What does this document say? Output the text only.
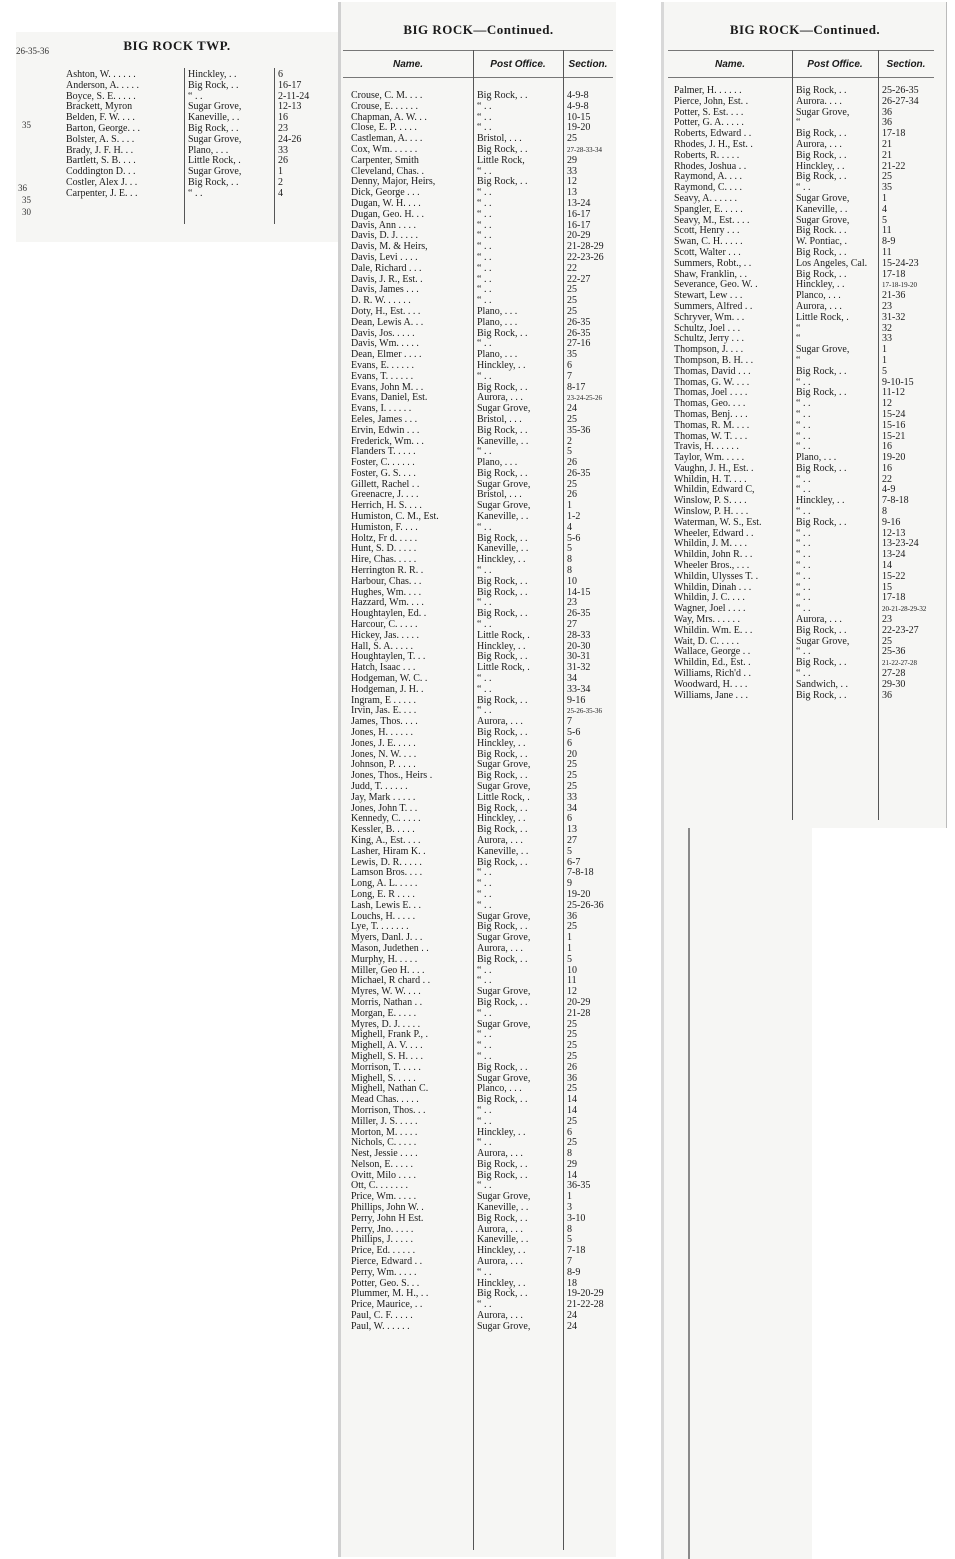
26-35-36
35
36
35
30
BIG ROCK TWP.
Ashton, W. . . . . .	Hinckley, . .	6
Anderson, A. . . . .	Big Rock, . .	16-17
Boyce, S. E. . . . .	“ . .	2-11-24
Brackett, Myron	Sugar Grove,	12-13
Belden, F. W. . . .	Kaneville, . .	16
Barton, George. . .	Big Rock, . .	23
Bolster, A. S. . . .	Sugar Grove,	24-26
Brady, J. F. H. . .	Plano, . . .	33
Bartlett, S. B. . . .	Little Rock, .	26
Coddington D. . .	Sugar Grove,	1
Costler, Alex J. . .	Big Rock, . .	2
Carpenter, J. E. . .	“ . .	4
BIG ROCK—Continued.
Name.	Post Office.	Section.
Crouse, C. M. . . .	Big Rock, . .	4-9-8
Crouse, E. . . . . .	“ . .	4-9-8
Chapman, A. W. . .	“ . .	10-15
Close, E. P. . . . .	“ . .	19-20
Castleman, A. . . .	Bristol, . . .	25
Cox, Wm. . . . . .	Big Rock, . .	27-28-33-34
Carpenter, Smith	Little Rock,	29
Cleveland, Chas. .	“ . .	33
Denny, Major, Heirs,	Big Rock, . .	12
Dick, George . . .	“ . .	13
Dugan, W. H. . . .	“ . .	13-24
Dugan, Geo. H. . .	“ . .	16-17
Davis, Ann . . . .	“ . .	16-17
Davis, D. J. . . . .	“ . .	20-29
Davis, M. & Heirs,	“ . .	21-28-29
Davis, Levi . . . .	“ . .	22-23-26
Dale, Richard . . .	“ . .	22
Davis, J. R., Est. .	“ . .	22-27
Davis, James . . .	“ . .	25
D. R. W. . . . . .	“ . .	25
Doty, H., Est. . . .	Plano, . . .	25
Dean, Lewis A. . .	Plano, . . .	26-35
Davis, Jos. . . . .	Big Rock, . .	26-35
Davis, Wm. . . . .	“ . .	27-16
Dean, Elmer . . . .	Plano, . . .	35
Evans, E. . . . . .	Hinckley, . .	6
Evans, T. . . . . .	“ . .	7
Evans, John M. . .	Big Rock, . .	8-17
Evans, Daniel, Est.	Aurora, . . .	23-24-25-26
Evans, I. . . . . .	Sugar Grove,	24
Eeles, James . . .	Bristol, . . .	25
Ervin, Edwin . . .	Big Rock, . .	35-36
Frederick, Wm. . .	Kaneville, . .	2
Flanders T. . . . .	“ . .	5
Foster, C. . . . . .	Plano, . . .	26
Foster, G. S. . . .	Big Rock, . .	26-35
Gillett, Rachel . .	Sugar Grove,	25
Greenacre, J. . . .	Bristol, . . .	26
Herrich, H. S. . . .	Sugar Grove,	1
Humiston, C. M., Est.	Kaneville, . .	1-2
Humiston, F. . . .	“ . .	4
Holtz, Fr d. . . . .	Big Rock, . .	5-6
Hunt, S. D. . . . .	Kaneville, . .	5
Hire, Chas. . . . .	Hinckley, . .	8
Herrington R. R. .	“ . .	8
Harbour, Chas. . .	Big Rock, . .	10
Hughes, Wm. . . .	Big Rock, . .	14-15
Hazzard, Wm. . . .	“ . .	23
Houghtaylen, Ed. .	Big Rock, . .	26-35
Harcour, C. . . . .	“ . .	27
Hickey, Jas. . . . .	Little Rock, .	28-33
Hall, S. A. . . . .	Hinckley, . .	20-30
Houghtaylen, T. . .	Big Rock, . .	30-31
Hatch, Isaac . . .	Little Rock, .	31-32
Hodgeman, W. C. .	“ . .	34
Hodgeman, J. H. .	“ . .	33-34
Ingram, E . . . . .	Big Rock, . .	9-16
Irvin, Jas. E. . . .	“ . .	25-26-35-36
James, Thos. . . .	Aurora, . . .	7
Jones, H. . . . . .	Big Rock, . .	5-6
Jones, J. E. . . . .	Hinckley, . .	6
Jones, N. W. . . .	Big Rock, . .	20
Johnson, P. . . . .	Sugar Grove,	25
Jones, Thos., Heirs .	Big Rock, . .	25
Judd, T. . . . . .	Sugar Grove,	25
Jay, Mark . . . . .	Little Rock, .	33
Jones, John T. . .	Big Rock, . .	34
Kennedy, C. . . . .	Hinckley, . .	6
Kessler, B. . . . .	Big Rock, . .	13
King, A., Est. . . .	Aurora, . . .	27
Lasher, Hiram K. .	Kaneville, . .	5
Lewis, D. R. . . . .	Big Rock, . .	6-7
Lamson Bros. . . .	“ . .	7-8-18
Long, A. L. . . . .	“ . .	9
Long, E. R . . . .	“ . .	19-20
Lash, Lewis E. . .	“ . .	25-26-36
Louchs, H. . . . .	Sugar Grove,	36
Lye, T. . . . . . .	Big Rock, . .	25
Myers, Danl. J. . .	Sugar Grove,	1
Mason, Judethen . .	Aurora, . . .	1
Murphy, H. . . . .	Big Rock, . .	5
Miller, Geo H. . . .	“ . .	10
Michael, R chard . .	“ . .	11
Myres, W. W. . . .	Sugar Grove,	12
Morris, Nathan . .	Big Rock, . .	20-29
Morgan, E. . . . .	“ . .	21-28
Myres, D. J. . . . .	Sugar Grove,	25
Mighell, Frank P., .	“ . .	25
Mighell, A. V. . . .	“ . .	25
Mighell, S. H. . . .	“ . .	25
Morrison, T. . . . .	Big Rock, . .	26
Mighell, S. . . . .	Sugar Grove,	36
Mighell, Nathan C.	Planco, . . .	25
Mead Chas. . . . .	Big Rock, . .	14
Morrison, Thos. . .	“ . .	14
Miller, J. S. . . . .	“ . .	25
Morton, M. . . . .	Hinckley, . .	6
Nichols, C. . . . .	“ . .	25
Nest, Jessie . . . .	Aurora, . . .	8
Nelson, E. . . . .	Big Rock, . .	29
Ovitt, Milo . . . .	Big Rock, . .	14
Ott, C. . . . . . .	“ . .	36-35
Price, Wm. . . . .	Sugar Grove,	1
Phillips, John W. .	Kaneville, . .	3
Perry, John H Est.	Big Rock, . .	3-10
Perry, Jno. . . . .	Aurora, . . .	8
Phillips, J. . . . .	Kaneville, . .	5
Price, Ed. . . . . .	Hinckley, . .	7-18
Pierce, Edward . .	Aurora, . . .	7
Perry, Wm. . . . .	“ . .	8-9
Potter, Geo. S. . .	Hinckley, . .	18
Plummer, M. H., . .	Big Rock, . .	19-20-29
Price, Maurice, . .	“ . .	21-22-28
Paul, C. F. . . . .	Aurora, . . .	24
Paul, W. . . . . .	Sugar Grove,	24
BIG ROCK—Continued.
Name.	Post Office.	Section.
Palmer, H. . . . . .	Big Rock, . .	25-26-35
Pierce, John, Est. .	Aurora. . . .	26-27-34
Potter, S. Est. . . .	Sugar Grove,	36
Potter, G. A. . . . .	“	36
Roberts, Edward . .	Big Rock, . .	17-18
Rhodes, J. H., Est. .	Aurora, . . .	21
Roberts, R. . . . .	Big Rock, . .	21
Rhodes, Joshua . .	Hinckley, . .	21-22
Raymond, A. . . .	Big Rock, . .	25
Raymond, C. . . .	“ . .	35
Seavy, A. . . . . .	Sugar Grove,	1
Spangler, E. . . . .	Kaneville, . .	4
Seavy, M., Est. . . .	Sugar Grove,	5
Scott, Henry . . .	Big Rock. . .	11
Swan, C. H. . . . .	W. Pontiac, .	8-9
Scott, Walter . . .	Big Rock, . .	11
Summers, Robt., . .	Los Angeles, Cal.	15-24-23
Shaw, Franklin, . .	Big Rock, . .	17-18
Severance, Geo. W. .	Hinckley, . .	17-18-19-20
Stewart, Lew . . .	Planco, . . .	21-36
Summers, Alfred . .	Aurora, . . .	23
Schryver, Wm. . .	Little Rock, .	31-32
Schultz, Joel . . .	“	32
Schultz, Jerry . . .	“	33
Thompson, J. . . .	Sugar Grove,	1
Thompson, B. H. . .	“	1
Thomas, David . . .	Big Rock, . .	5
Thomas, G. W. . . .	“ . .	9-10-15
Thomas, Joel . . . .	Big Rock, . .	11-12
Thomas, Geo. . . .	“ . .	12
Thomas, Benj. . . .	“ . .	15-24
Thomas, R. M. . . .	“ . .	15-16
Thomas, W. T. . . .	“ . .	15-21
Travis, H. . . . . .	“ . .	16
Taylor, Wm. . . . .	Plano, . . .	19-20
Vaughn, J. H., Est. .	Big Rock, . .	16
Whildin, H. T. . . .	“ . .	22
Whildin, Edward C,	“ . .	4-9
Winslow, P. S. . . .	Hinckley, . .	7-8-18
Winslow, P. H. . . .	“ . .	8
Waterman, W. S., Est.	Big Rock, . .	9-16
Wheeler, Edward . .	“ . .	12-13
Whildin, J. M. . . .	“ . .	13-23-24
Whildin, John R. . .	“ . .	13-24
Wheeler Bros., . . .	“ . .	14
Whildin, Ulysses T. .	“ . .	15-22
Whildin, Dinah . . .	“ . .	15
Whildin, J. C. . . .	“ . .	17-18
Wagner, Joel . . . .	“ . .	20-21-28-29-32
Way, Mrs. . . . . .	Aurora, . . .	23
Whildin. Wm. E. . .	Big Rock, . .	22-23-27
Wait, D. C. . . . .	Sugar Grove,	25
Wallace, George . .	“ . .	25-36
Whildin, Ed., Est. .	Big Rock, . .	21-22-27-28
Williams, Rich'd . .	“ . .	27-28
Woodward, H. . . .	Sandwich, . .	29-30
Williams, Jane . . .	Big Rock, . .	36
